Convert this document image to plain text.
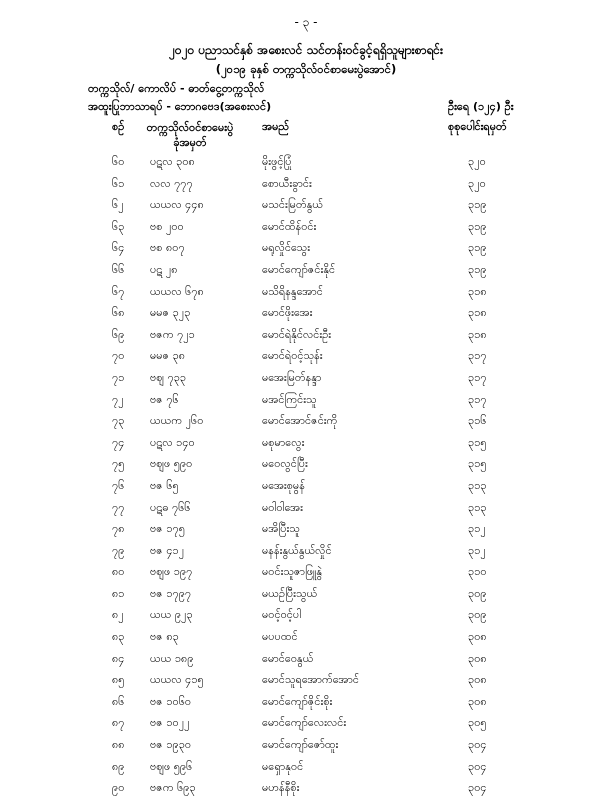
- ၃ -
၂၀၂၀ ပညာသင်နှစ် အစေးလင် သင်တန်းဝင်ခွင့်ရရှိသူများစာရင်း
(၂၀၁၉ ခုနှစ် တက္ကသိုလ်ဝင်စာမေးပွဲအောင်)
တက္ကသိုလ်/ ကောလိပ် - ဓာတ်ငွေ့တက္ကသိုလ်
အထူးပြုဘာသာရပ် - ဘောဂဗေဒ(အစေးလင်)	ဦးရေ (၁၂၄) ဦး
စဉ် တက္ကသိုလ်ဝင်စာမေးပွဲ ခုံအမှတ်
အမည်	စုစုပေါင်းရမှတ်
၆၀ ပဋလ ၃၀၈	မိုးဖွင့်ပြုံ	၃၂၀
၆၁ လလ ၇၇၇	စောယီးခွာင်း	၃၂၀
၆၂ ယယလ ၄၄၈	မသင်းမြတ်နွယ်	၃၁၉
၆၃ ဗစ ၂၀၀	မောင်ထိန်ဝင်း	၃၁၉
၆၄ ဗစ ၈၀၇	မရုလှိုင်သွေး	၃၁၉
၆၆ ပဋ ၂၈	မောင်ကျော်ဇင်းနိုင်	၃၁၉
၆၇ ယယလ ၆၇၈	မသိရိနန္ဒအောင်	၃၁၈
၆၈ မမဇ ၃၂၃	မောင်ဖိုးအေး	၃၁၈
၆၉ ဗဇက ၇၂၁	မောင်ရဲနိုင်လင်းဦး	၃၁၈
၇၀ မမဇ ၃၈	မောင်ရဲဝင့်သုန်း	၃၁၇
၇၁ ဗဈ ၇၃၃	မအေးမြတ်နန္ဒာ	၃၁၇
၇၂ ဗဇ ၇၆	မအင်ကြင်းသူ	၃၁၇
၇၃ ယယက ၂၆၀	မောင်အောင်ဇင်းကို	၃၁၆
၇၄ ပဋလ ၁၄၀	မစုမာလွေး	၃၁၅
၇၅ ဗဈဖ ၅၉၀	မဝေလွင်ပြီး	၃၁၅
၇၆ ဗဇ ၆၅	မအေးစုမွန်	၃၁၃
၇၇ ပဋဓ ၇၆၆	မဝါဝါအေး	၃၁၃
၇၈ ဗဇ ၁၇၅	မအိပြီးသူ	၃၁၂
၇၉ ဗဇ ၄၁၂	မနန်းနွယ်နွယ်လှိုင်	၃၁၂
၈၀ ဗဈဖ ၁၉၇	မဝင်းသူဇာဖြူနွဲ	၃၁၀
၈၁ ဗဇ ၁၇၉၇	မယဉ်ပြီးသွယ်	၃၀၉
၈၂ ယယ ၉၂၃	မဝင့်ဝင့်ပါ	၃၀၉
၈၃ ဗဇ ၈၃	မပပထင်	၃၀၈
၈၄ ယယ ၁၈၉	မောင်ဝေနွယ်	၃၀၈
၈၅ ယယလ ၄၁၅	မောင်သူရအောက်အောင်	၃၀၈
၈၆ ဗဇ ၁၀၆၀	မောင်ကျော်ဇိုင်းစိုး	၃၀၈
၈၇ ဗဇ ၁၀၂၂	မောင်ကျော်လေးလင်း	၃၀၅
၈၈ ဗဇ ၁၉၃၀	မောင်ကျော်ဇော်ထူး	၃၀၄
၈၉ ဗဈဖ ၅၉၆	မရှောနုဝင်	၃၀၄
၉၀ ဗဇက ၆၉၃	မဟန်နီစိုး	၃၀၄
